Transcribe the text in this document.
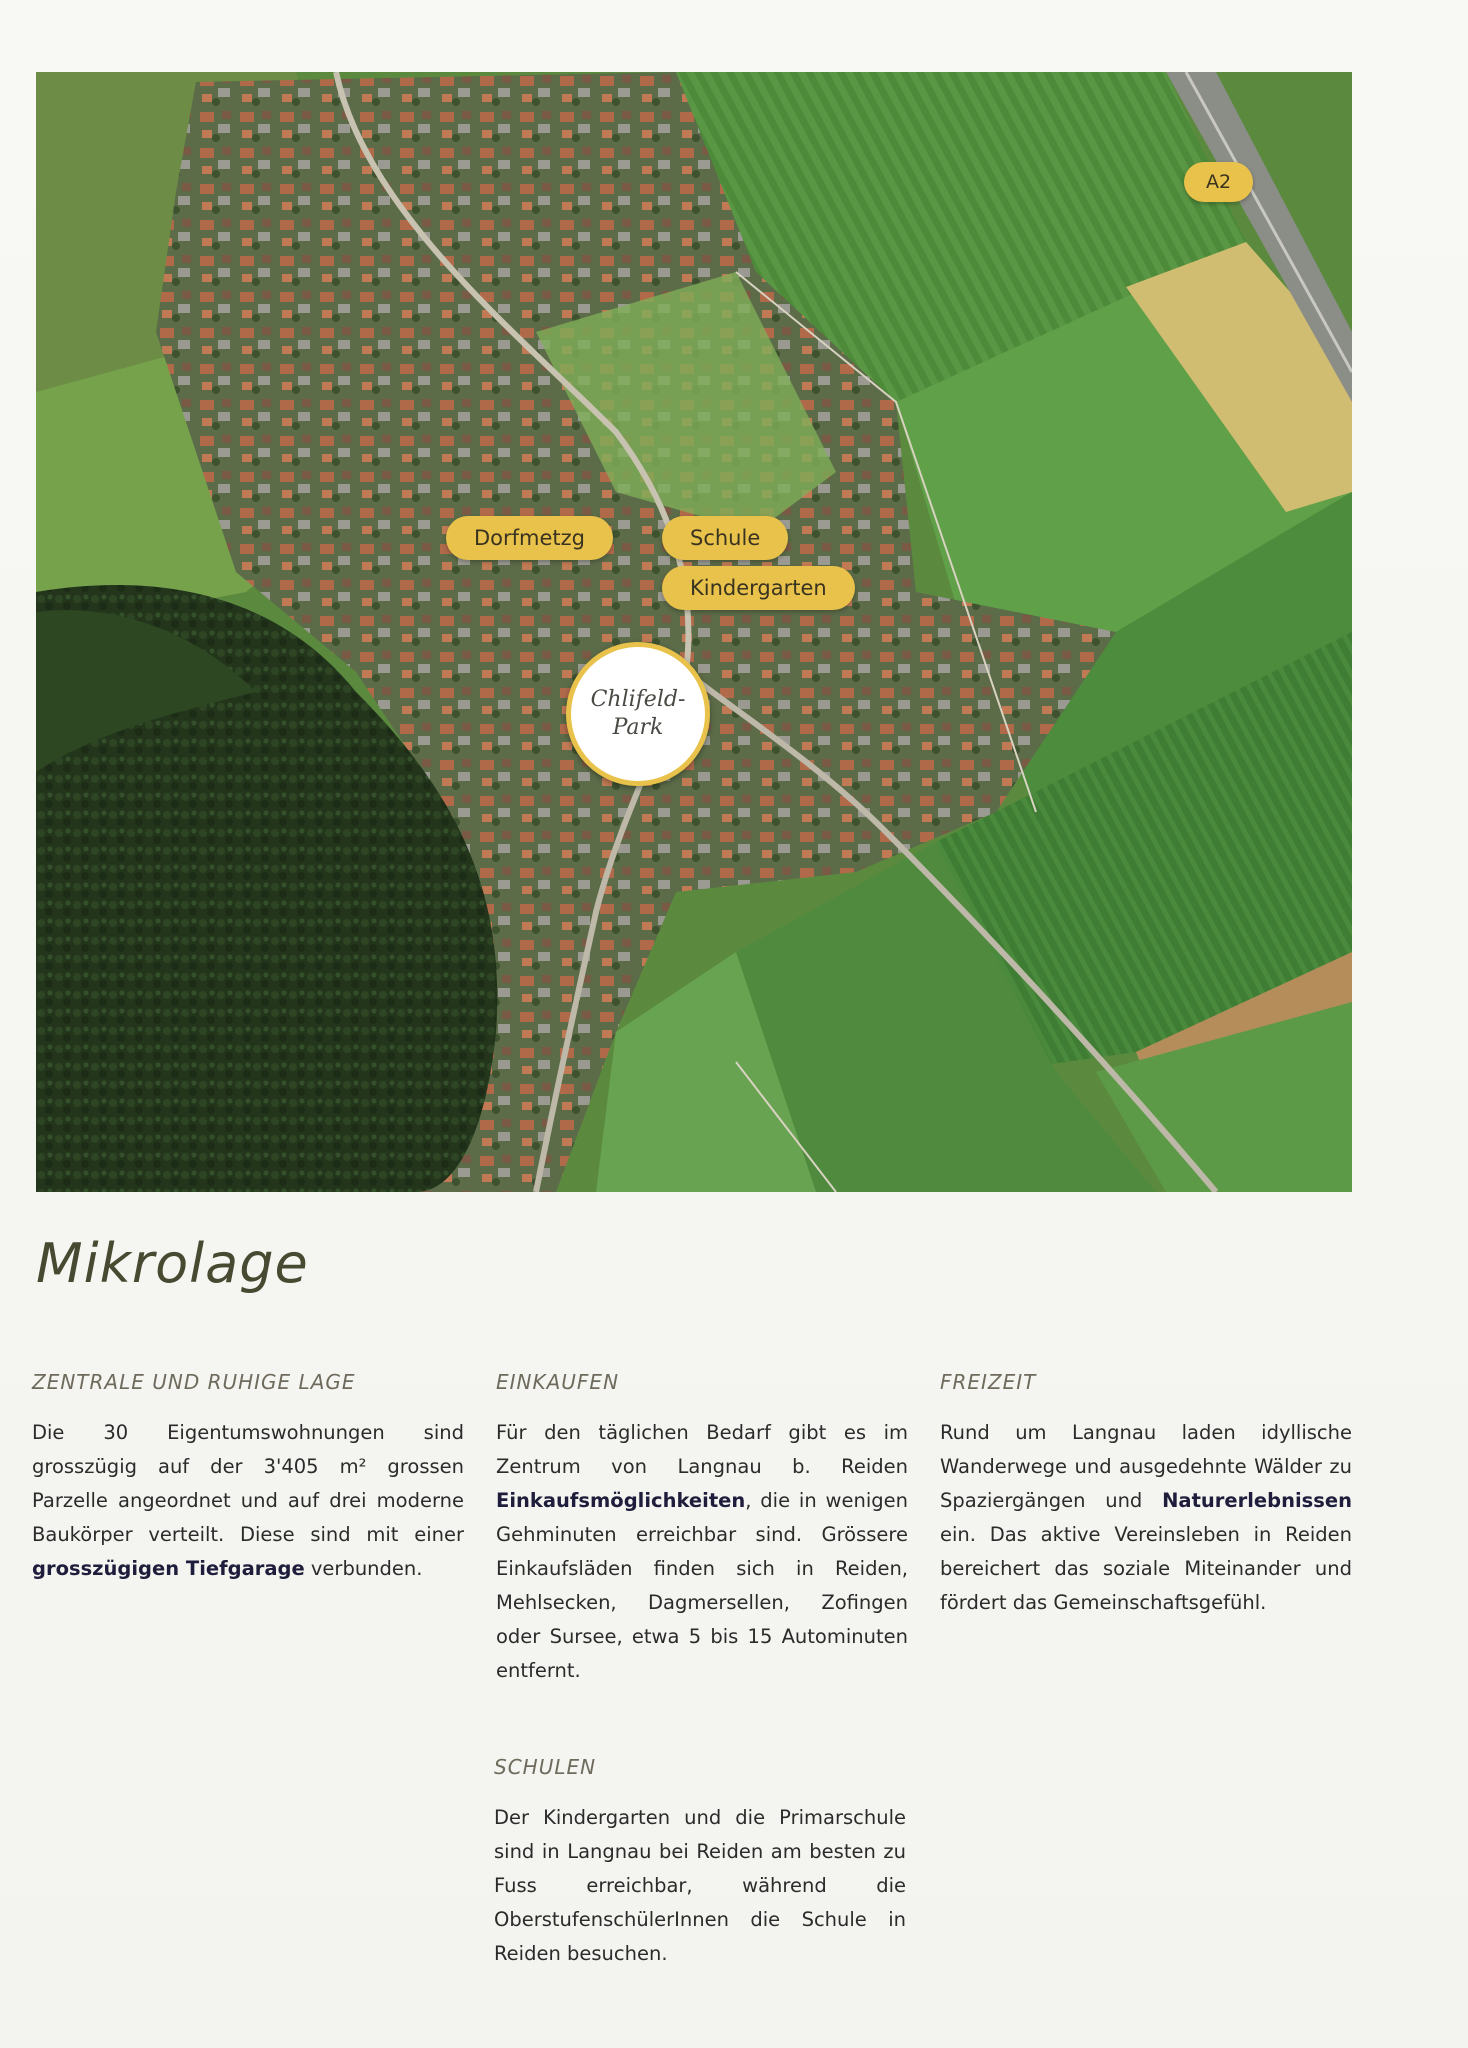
A2
Dorfmetzg	Schule
Kindergarten
Chlifeld-
Park
Mikrolage
ZENTRALE UND RUHIGE LAGE

Die 30 Eigentumswohnungen sind grosszügig auf der 3'405 m² grossen Parzelle angeordnet und auf drei moderne Baukörper verteilt. Diese sind mit einer grosszügigen Tiefgarage verbunden.

EINKAUFEN

Für den täglichen Bedarf gibt es im Zentrum von Langnau b. Reiden Einkaufsmöglichkeiten, die in wenigen Gehminuten erreichbar sind. Grössere Einkaufsläden finden sich in Reiden, Mehlsecken, Dagmersellen, Zofingen oder Sursee, etwa 5 bis 15 Autominuten entfernt.

FREIZEIT

Rund um Langnau laden idyllische Wanderwege und ausgedehnte Wälder zu Spaziergängen und Naturerlebnissen ein. Das aktive Vereinsleben in Reiden bereichert das soziale Miteinander und fördert das Gemeinschaftsgefühl.

SCHULEN

Der Kindergarten und die Primarschule sind in Langnau bei Reiden am besten zu Fuss erreichbar, während die OberstufenschülerInnen die Schule in Reiden besuchen.
